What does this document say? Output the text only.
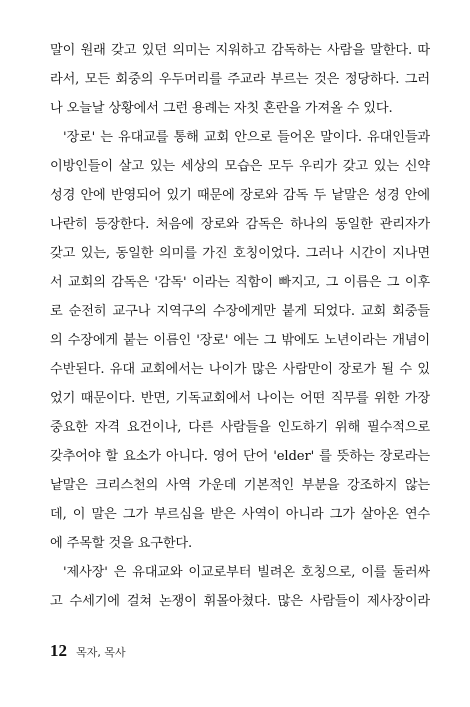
말이 원래 갖고 있던 의미는 지워하고 감독하는 사람을 말한다. 따
라서, 모든 회중의 우두머리를 주교라 부르는 것은 정당하다. 그러
나 오늘날 상황에서 그런 용례는 자칫 혼란을 가져올 수 있다.
'장로' 는 유대교를 통해 교회 안으로 들어온 말이다. 유대인들과
이방인들이 살고 있는 세상의 모습은 모두 우리가 갖고 있는 신약
성경 안에 반영되어 있기 때문에 장로와 감독 두 낱말은 성경 안에
나란히 등장한다. 처음에 장로와 감독은 하나의 동일한 관리자가
갖고 있는, 동일한 의미를 가진 호칭이었다. 그러나 시간이 지나면
서 교회의 감독은 '감독' 이라는 직함이 빠지고, 그 이름은 그 이후
로 순전히 교구나 지역구의 수장에게만 붙게 되었다. 교회 회중들
의 수장에게 붙는 이름인 '장로' 에는 그 밖에도 노년이라는 개념이
수반된다. 유대 교회에서는 나이가 많은 사람만이 장로가 될 수 있
었기 때문이다. 반면, 기독교회에서 나이는 어떤 직무를 위한 가장
중요한 자격 요건이나, 다른 사람들을 인도하기 위해 필수적으로
갖추어야 할 요소가 아니다. 영어 단어 'elder' 를 뜻하는 장로라는
낱말은 크리스천의 사역 가운데 기본적인 부분을 강조하지 않는
데, 이 말은 그가 부르심을 받은 사역이 아니라 그가 살아온 연수
에 주목할 것을 요구한다.
'제사장' 은 유대교와 이교로부터 빌려온 호칭으로, 이를 둘러싸
고 수세기에 걸쳐 논쟁이 휘몰아쳤다. 많은 사람들이 제사장이라
12 목자, 목사
